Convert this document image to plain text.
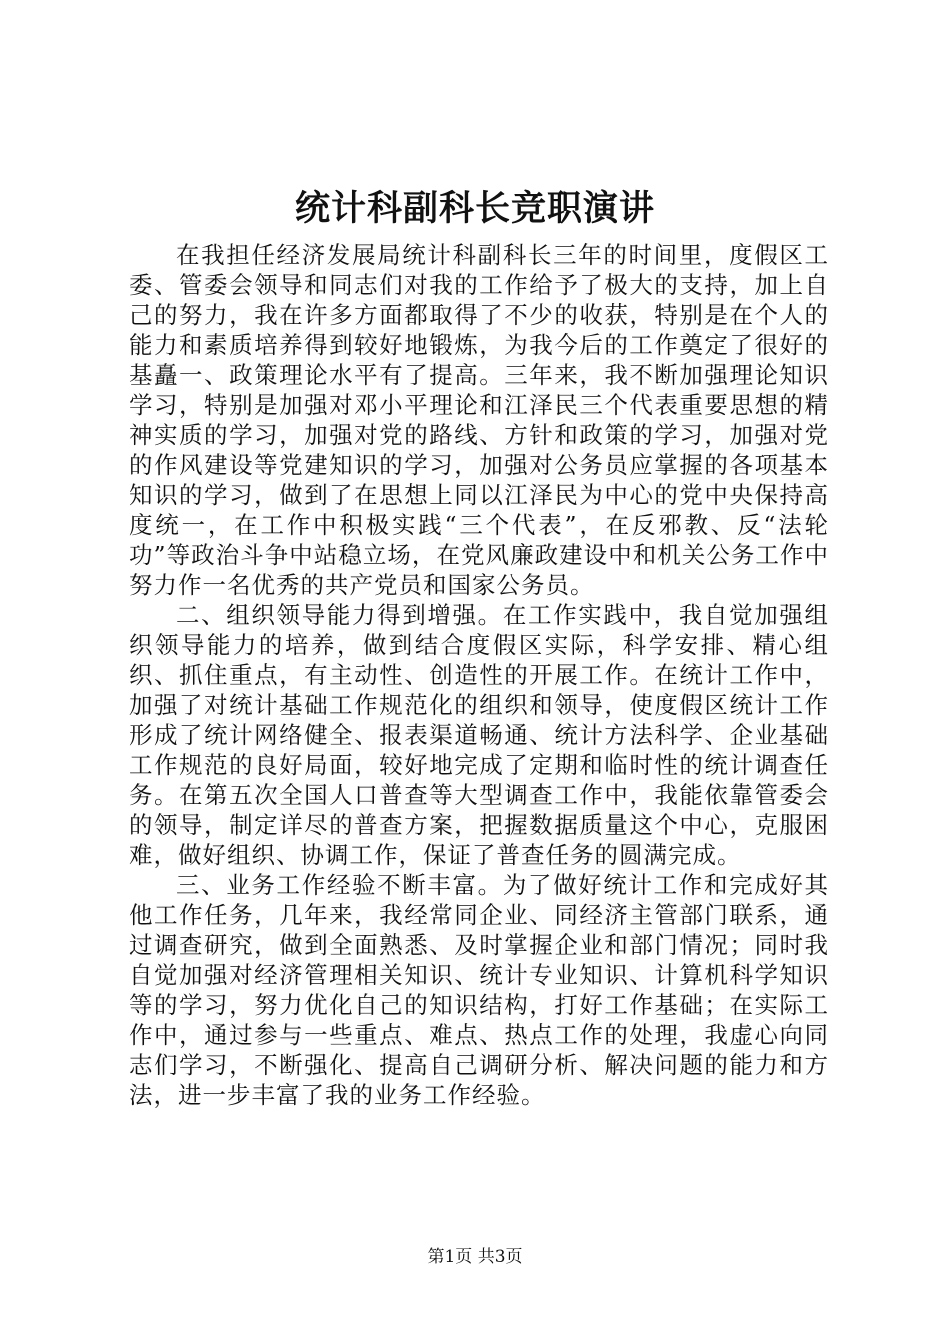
统计科副科长竞职演讲

在我担任经济发展局统计科副科长三年的时间里，度假区工委、管委会领导和同志们对我的工作给予了极大的支持，加上自己的努力，我在许多方面都取得了不少的收获，特别是在个人的能力和素质培养得到较好地锻炼，为我今后的工作奠定了很好的基矗一、政策理论水平有了提高。三年来，我不断加强理论知识学习，特别是加强对邓小平理论和江泽民三个代表重要思想的精神实质的学习，加强对党的路线、方针和政策的学习，加强对党的作风建设等党建知识的学习，加强对公务员应掌握的各项基本知识的学习，做到了在思想上同以江泽民为中心的党中央保持高度统一，在工作中积极实践“三个代表”，在反邪教、反“法轮功”等政治斗争中站稳立场，在党风廉政建设中和机关公务工作中努力作一名优秀的共产党员和国家公务员。

二、组织领导能力得到增强。在工作实践中，我自觉加强组织领导能力的培养，做到结合度假区实际，科学安排、精心组织、抓住重点，有主动性、创造性的开展工作。在统计工作中，加强了对统计基础工作规范化的组织和领导，使度假区统计工作形成了统计网络健全、报表渠道畅通、统计方法科学、企业基础工作规范的良好局面，较好地完成了定期和临时性的统计调查任务。在第五次全国人口普查等大型调查工作中，我能依靠管委会的领导，制定详尽的普查方案，把握数据质量这个中心，克服困难，做好组织、协调工作，保证了普查任务的圆满完成。

三、业务工作经验不断丰富。为了做好统计工作和完成好其他工作任务，几年来，我经常同企业、同经济主管部门联系，通过调查研究，做到全面熟悉、及时掌握企业和部门情况；同时我自觉加强对经济管理相关知识、统计专业知识、计算机科学知识等的学习，努力优化自己的知识结构，打好工作基础；在实际工作中，通过参与一些重点、难点、热点工作的处理，我虚心向同志们学习，不断强化、提高自己调研分析、解决问题的能力和方法，进一步丰富了我的业务工作经验。

第1页 共3页
